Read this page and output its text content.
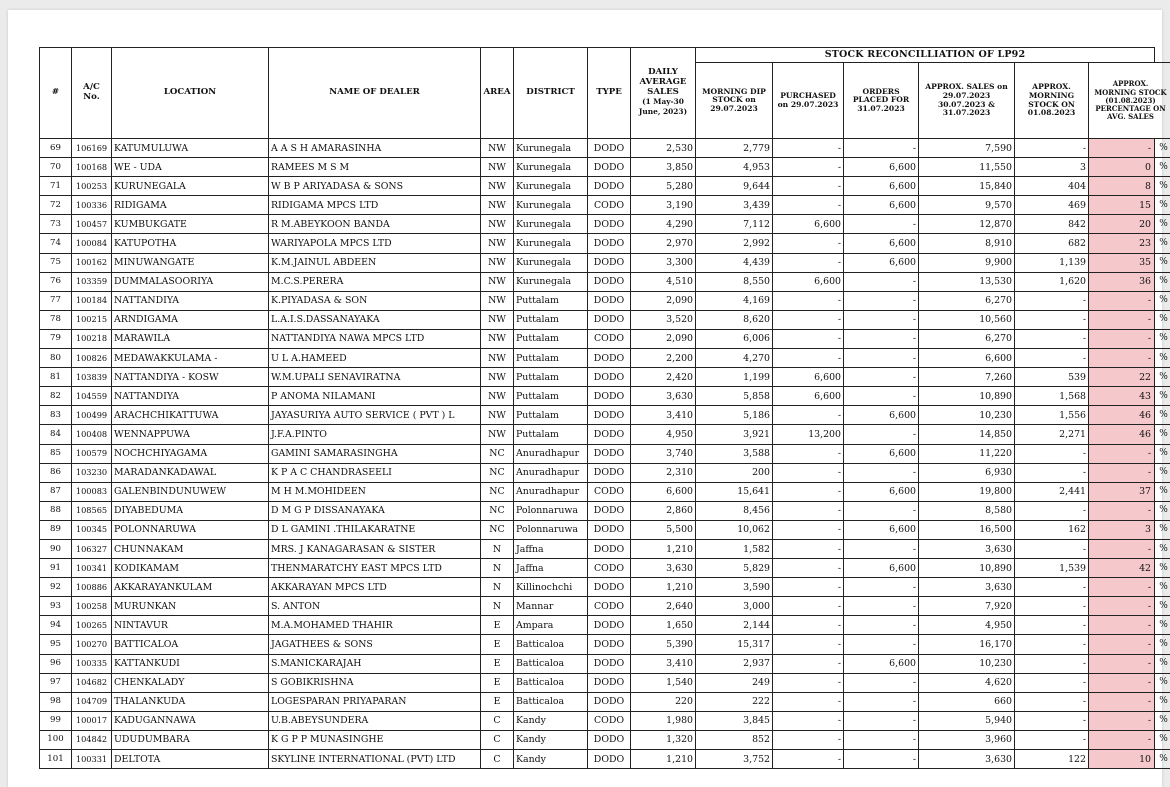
#	A/C No.	LOCATION	NAME OF DEALER	AREA	DISTRICT	TYPE	DAILY AVERAGE SALES
(1 May-30 June, 2023)	STOCK RECONCILLIATION OF LP92						
								MORNING DIP STOCK on 29.07.2023	PURCHASED on 29.07.2023	ORDERS PLACED FOR 31.07.2023	APPROX. SALES on 29.07.2023 30.07.2023 & 31.07.2023	APPROX. MORNING STOCK ON 01.08.2023	APPROX. MORNING STOCK (01.08.2023) PERCENTAGE ON AVG. SALES	
69	106169	KATUMULUWA	A A S H AMARASINHA	NW	Kurunegala	DODO	2,530	2,779	-	-	7,590	-	-	%
70	100168	WE - UDA	RAMEES M S M	NW	Kurunegala	DODO	3,850	4,953	-	6,600	11,550	3	0	%
71	100253	KURUNEGALA	W B P ARIYADASA & SONS	NW	Kurunegala	DODO	5,280	9,644	-	6,600	15,840	404	8	%
72	100336	RIDIGAMA	RIDIGAMA MPCS LTD	NW	Kurunegala	CODO	3,190	3,439	-	6,600	9,570	469	15	%
73	100457	KUMBUKGATE	R M.ABEYKOON BANDA	NW	Kurunegala	DODO	4,290	7,112	6,600	-	12,870	842	20	%
74	100084	KATUPOTHA	WARIYAPOLA MPCS LTD	NW	Kurunegala	DODO	2,970	2,992	-	6,600	8,910	682	23	%
75	100162	MINUWANGATE	K.M.JAINUL ABDEEN	NW	Kurunegala	DODO	3,300	4,439	-	6,600	9,900	1,139	35	%
76	103359	DUMMALASOORIYA	M.C.S.PERERA	NW	Kurunegala	DODO	4,510	8,550	6,600	-	13,530	1,620	36	%
77	100184	NATTANDIYA	K.PIYADASA & SON	NW	Puttalam	DODO	2,090	4,169	-	-	6,270	-	-	%
78	100215	ARNDIGAMA	L.A.I.S.DASSANAYAKA	NW	Puttalam	DODO	3,520	8,620	-	-	10,560	-	-	%
79	100218	MARAWILA	NATTANDIYA NAWA MPCS LTD	NW	Puttalam	CODO	2,090	6,006	-	-	6,270	-	-	%
80	100826	MEDAWAKKULAMA -	U L A.HAMEED	NW	Puttalam	DODO	2,200	4,270	-	-	6,600	-	-	%
81	103839	NATTANDIYA - KOSW	W.M.UPALI SENAVIRATNA	NW	Puttalam	DODO	2,420	1,199	6,600	-	7,260	539	22	%
82	104559	NATTANDIYA	P ANOMA NILAMANI	NW	Puttalam	DODO	3,630	5,858	6,600	-	10,890	1,568	43	%
83	100499	ARACHCHIKATTUWA	JAYASURIYA AUTO SERVICE ( PVT ) L	NW	Puttalam	DODO	3,410	5,186	-	6,600	10,230	1,556	46	%
84	100408	WENNAPPUWA	J.F.A.PINTO	NW	Puttalam	DODO	4,950	3,921	13,200	-	14,850	2,271	46	%
85	100579	NOCHCHIYAGAMA	GAMINI SAMARASINGHA	NC	Anuradhapur	DODO	3,740	3,588	-	6,600	11,220	-	-	%
86	103230	MARADANKADAWAL	K P A C CHANDRASEELI	NC	Anuradhapur	DODO	2,310	200	-	-	6,930	-	-	%
87	100083	GALENBINDUNUWEW	M H M.MOHIDEEN	NC	Anuradhapur	CODO	6,600	15,641	-	6,600	19,800	2,441	37	%
88	108565	DIYABEDUMA	D M G P DISSANAYAKA	NC	Polonnaruwa	DODO	2,860	8,456	-	-	8,580	-	-	%
89	100345	POLONNARUWA	D L GAMINI .THILAKARATNE	NC	Polonnaruwa	DODO	5,500	10,062	-	6,600	16,500	162	3	%
90	106327	CHUNNAKAM	MRS. J KANAGARASAN & SISTER	N	Jaffna	DODO	1,210	1,582	-	-	3,630	-	-	%
91	100341	KODIKAMAM	THENMARATCHY EAST MPCS LTD	N	Jaffna	CODO	3,630	5,829	-	6,600	10,890	1,539	42	%
92	100886	AKKARAYANKULAM	AKKARAYAN MPCS LTD	N	Killinochchi	DODO	1,210	3,590	-	-	3,630	-	-	%
93	100258	MURUNKAN	S. ANTON	N	Mannar	CODO	2,640	3,000	-	-	7,920	-	-	%
94	100265	NINTAVUR	M.A.MOHAMED THAHIR	E	Ampara	DODO	1,650	2,144	-	-	4,950	-	-	%
95	100270	BATTICALOA	JAGATHEES & SONS	E	Batticaloa	DODO	5,390	15,317	-	-	16,170	-	-	%
96	100335	KATTANKUDI	S.MANICKARAJAH	E	Batticaloa	DODO	3,410	2,937	-	6,600	10,230	-	-	%
97	104682	CHENKALADY	S GOBIKRISHNA	E	Batticaloa	DODO	1,540	249	-	-	4,620	-	-	%
98	104709	THALANKUDA	LOGESPARAN PRIYAPARAN	E	Batticaloa	DODO	220	222	-	-	660	-	-	%
99	100017	KADUGANNAWA	U.B.ABEYSUNDERA	C	Kandy	CODO	1,980	3,845	-	-	5,940	-	-	%
100	104842	UDUDUMBARA	K G P P MUNASINGHE	C	Kandy	DODO	1,320	852	-	-	3,960	-	-	%
101	100331	DELTOTA	SKYLINE INTERNATIONAL (PVT) LTD	C	Kandy	DODO	1,210	3,752	-	-	3,630	122	10	%
